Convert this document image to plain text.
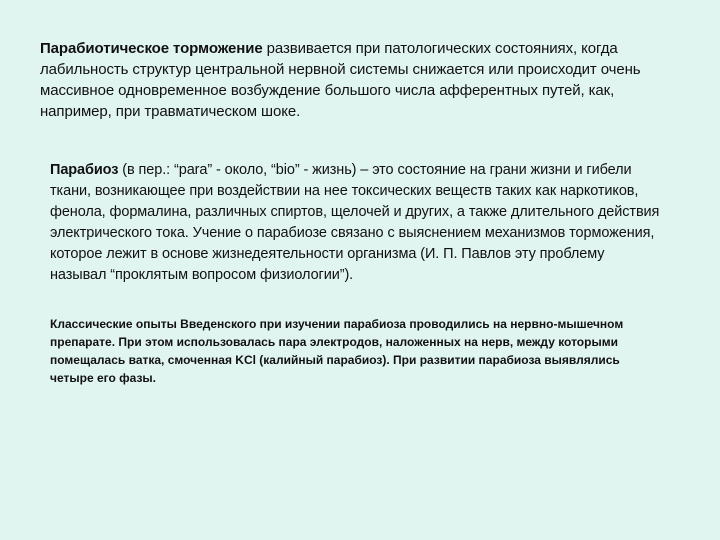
Парабиотическое торможение развивается при патологических состояниях, когда лабильность структур центральной нервной системы снижается или происходит очень массивное одновременное возбуждение большого числа афферентных путей, как, например, при травматическом шоке.

Парабиоз (в пер.: “para” - около, “bio” - жизнь) – это состояние на грани жизни и гибели ткани, возникающее при воздействии на нее токсических веществ таких как наркотиков, фенола, формалина, различных спиртов, щелочей и других, а также длительного действия электрического тока. Учение о парабиозе связано с выяснением механизмов торможения, которое лежит в основе жизнедеятельности организма (И. П. Павлов эту проблему называл “проклятым вопросом физиологии”).

Классические опыты Введенского при изучении парабиоза проводились на нервно-мышечном препарате. При этом использовалась пара электродов, наложенных на нерв, между которыми помещалась ватка, смоченная KCl (калийный парабиоз). При развитии парабиоза выявлялись четыре его фазы.
